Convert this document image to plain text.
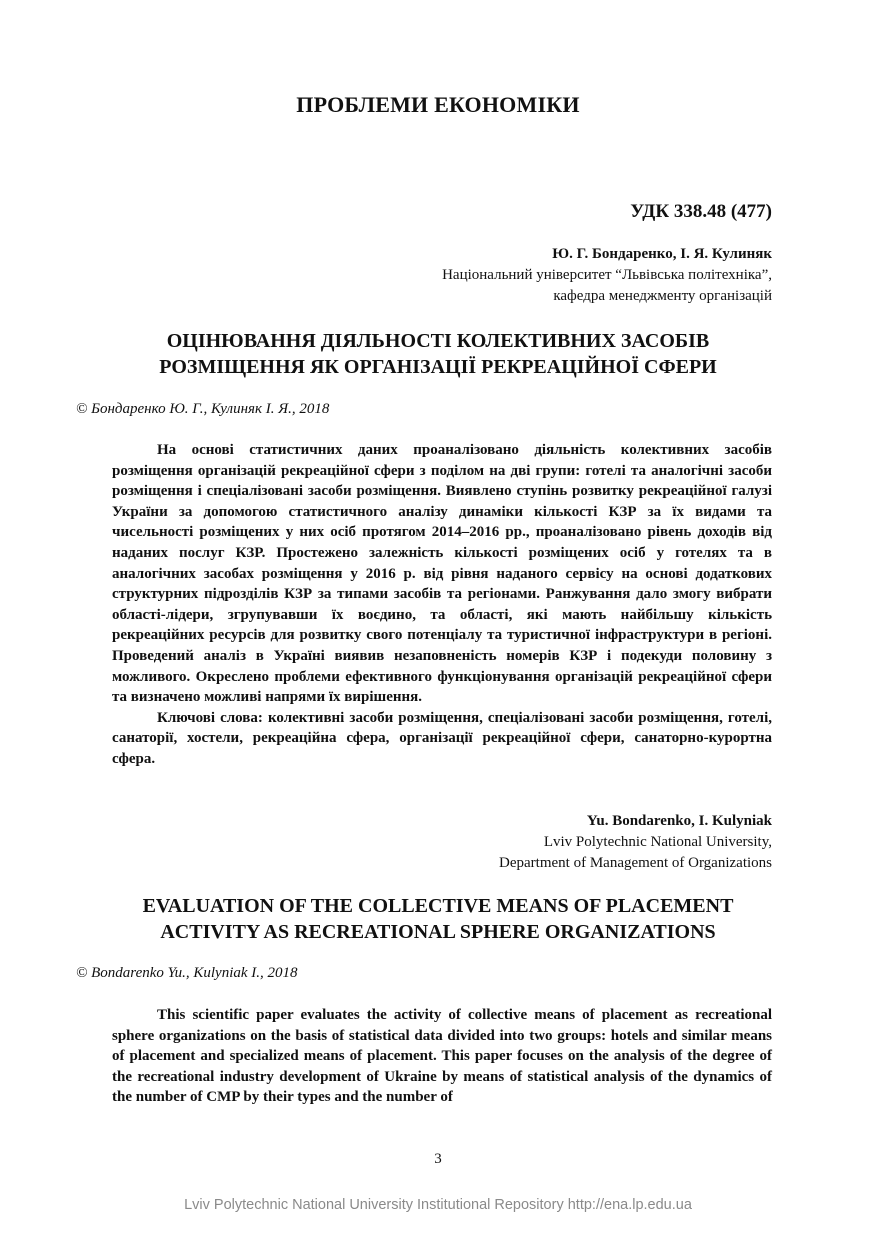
ПРОБЛЕМИ ЕКОНОМІКИ
УДК 338.48 (477)
Ю. Г. Бондаренко, І. Я. Кулиняк
Національний університет “Львівська політехніка”,
кафедра менеджменту організацій
ОЦІНЮВАННЯ ДІЯЛЬНОСТІ КОЛЕКТИВНИХ ЗАСОБІВ
РОЗМІЩЕННЯ ЯК ОРГАНІЗАЦІЇ РЕКРЕАЦІЙНОЇ СФЕРИ
© Бондаренко Ю. Г., Кулиняк І. Я., 2018

На основі статистичних даних проаналізовано діяльність колективних засобів розміщення організацій рекреаційної сфери з поділом на дві групи: готелі та аналогічні засоби розміщення і спеціалізовані засоби розміщення. Виявлено ступінь розвитку рекреаційної галузі України за допомогою статистичного аналізу динаміки кількості КЗР за їх видами та чисельності розміщених у них осіб протягом 2014–2016 рр., проаналізовано рівень доходів від наданих послуг КЗР. Простежено залежність кількості розміщених осіб у готелях та в аналогічних засобах розміщення у 2016 р. від рівня наданого сервісу на основі додаткових структурних підрозділів КЗР за типами засобів та регіонами. Ранжування дало змогу вибрати області-лідери, згрупувавши їх воєдино, та області, які мають найбільшу кількість рекреаційних ресурсів для розвитку свого потенціалу та туристичної інфраструктури в регіоні. Проведений аналіз в Україні виявив незаповненість номерів КЗР і подекуди половину з можливого. Окреслено проблеми ефективного функціонування організацій рекреаційної сфери та визначено можливі напрями їх вирішення.

Ключові слова: колективні засоби розміщення, спеціалізовані засоби розміщення, готелі, санаторії, хостели, рекреаційна сфера, організації рекреаційної сфери, санаторно-курортна сфера.

Yu. Bondarenko, I. Kulyniak
Lviv Polytechnic National University,
Department of Management of Organizations
EVALUATION OF THE COLLECTIVE MEANS OF PLACEMENT
ACTIVITY AS RECREATIONAL SPHERE ORGANIZATIONS
© Bondarenko Yu., Kulyniak I., 2018

This scientific paper evaluates the activity of collective means of placement as recreational sphere organizations on the basis of statistical data divided into two groups: hotels and similar means of placement and specialized means of placement. This paper focuses on the analysis of the degree of the recreational industry development of Ukraine by means of statistical analysis of the dynamics of the number of CMP by their types and the number of

3
Lviv Polytechnic National University Institutional Repository http://ena.lp.edu.ua
